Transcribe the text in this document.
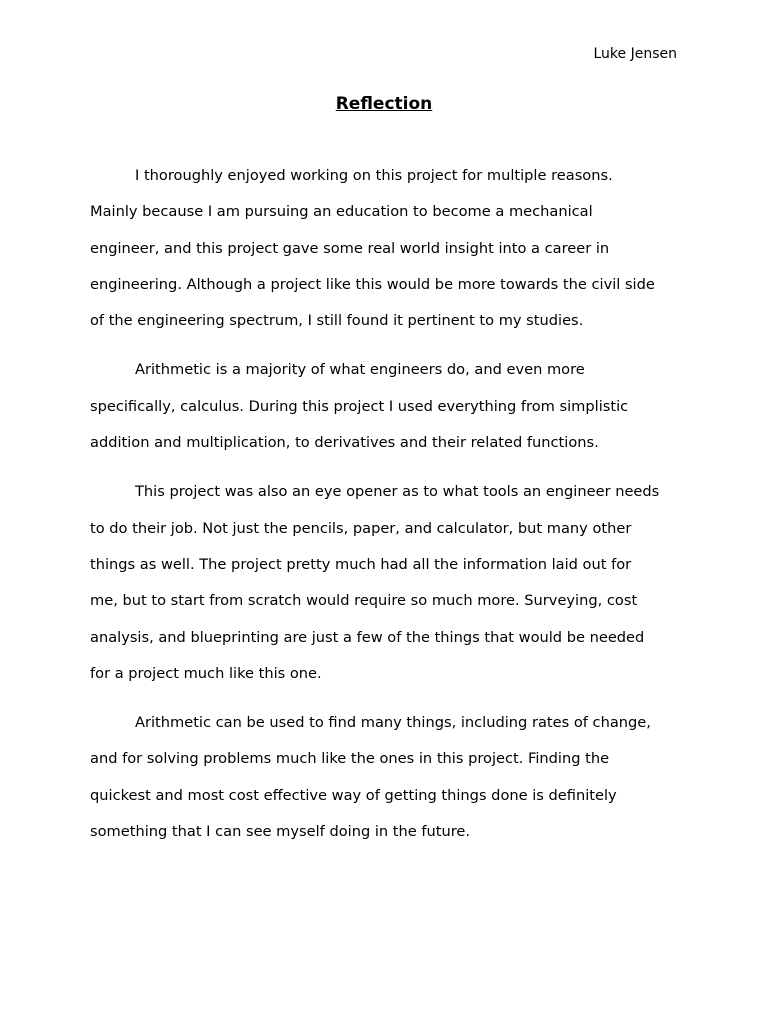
Luke Jensen
Reflection

I thoroughly enjoyed working on this project for multiple reasons.
Mainly because I am pursuing an education to become a mechanical
engineer, and this project gave some real world insight into a career in
engineering. Although a project like this would be more towards the civil side
of the engineering spectrum, I still found it pertinent to my studies.

Arithmetic is a majority of what engineers do, and even more
specifically, calculus. During this project I used everything from simplistic
addition and multiplication, to derivatives and their related functions.

This project was also an eye opener as to what tools an engineer needs
to do their job. Not just the pencils, paper, and calculator, but many other
things as well. The project pretty much had all the information laid out for
me, but to start from scratch would require so much more. Surveying, cost
analysis, and blueprinting are just a few of the things that would be needed
for a project much like this one.

Arithmetic can be used to find many things, including rates of change,
and for solving problems much like the ones in this project. Finding the
quickest and most cost effective way of getting things done is definitely
something that I can see myself doing in the future.
